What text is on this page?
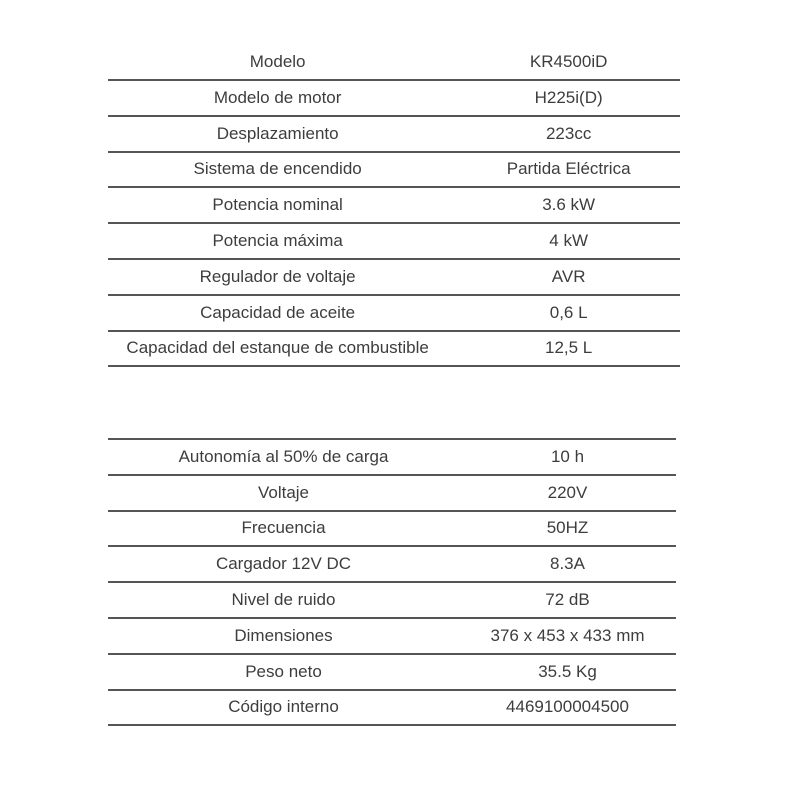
Modelo	KR4500iD
Modelo de motor	H225i(D)
Desplazamiento	223cc
Sistema de encendido	Partida Eléctrica
Potencia nominal	3.6 kW
Potencia máxima	4 kW
Regulador de voltaje	AVR
Capacidad de aceite	0,6 L
Capacidad del estanque de combustible	12,5 L
Autonomía al 50% de carga	10 h
Voltaje	220V
Frecuencia	50HZ
Cargador 12V DC	8.3A
Nivel de ruido	72 dB
Dimensiones	376 x 453 x 433 mm
Peso neto	35.5 Kg
Código interno	4469100004500
